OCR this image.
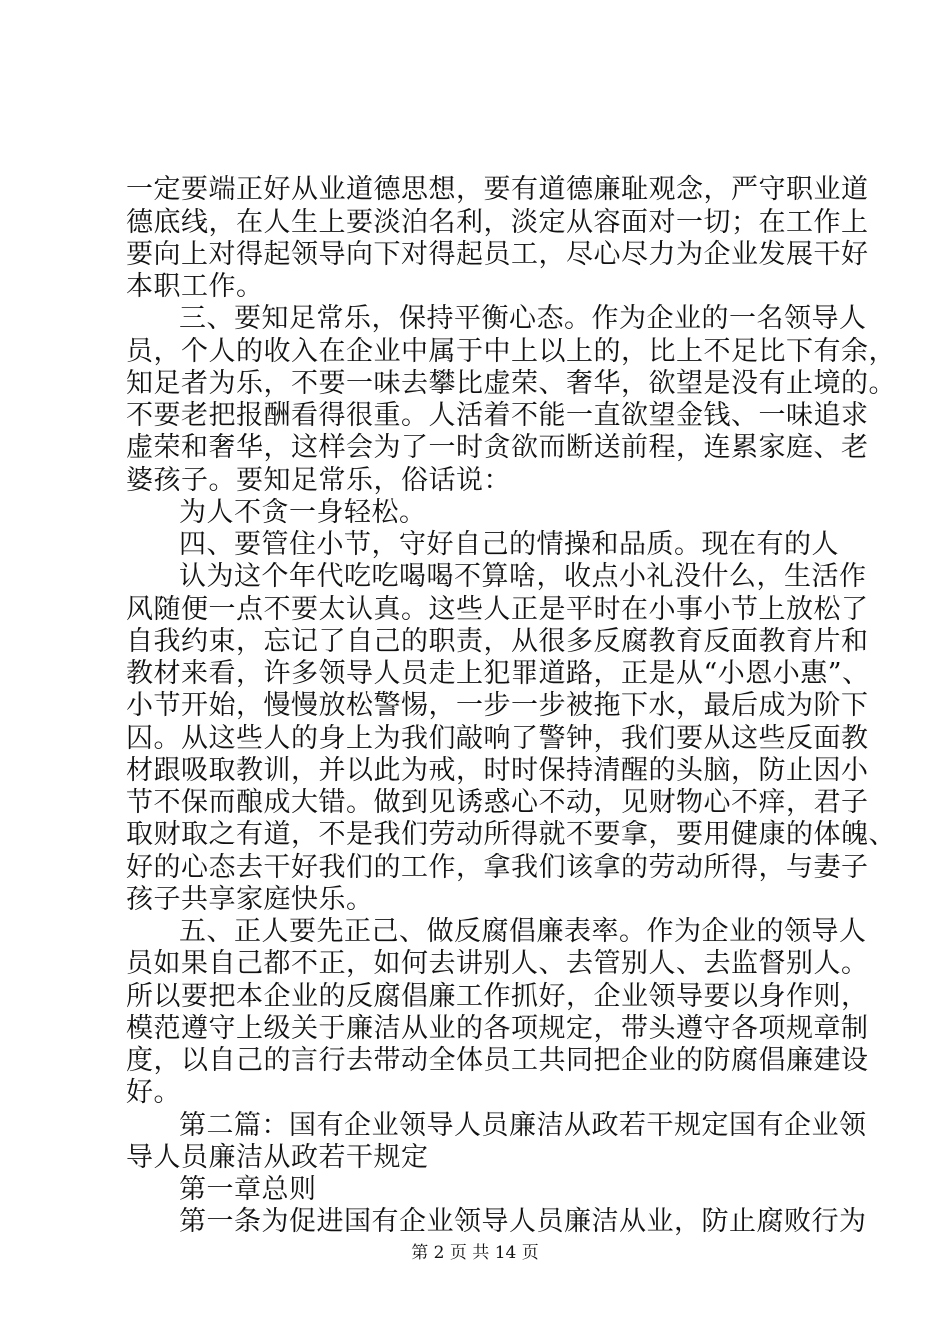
一定要端正好从业道德思想，要有道德廉耻观念，严守职业道
德底线，在人生上要淡泊名利，淡定从容面对一切；在工作上
要向上对得起领导向下对得起员工，尽心尽力为企业发展干好
本职工作。
三、要知足常乐，保持平衡心态。作为企业的一名领导人
员，个人的收入在企业中属于中上以上的，比上不足比下有余，
知足者为乐，不要一味去攀比虚荣、奢华，欲望是没有止境的。
不要老把报酬看得很重。人活着不能一直欲望金钱、一味追求
虚荣和奢华，这样会为了一时贪欲而断送前程，连累家庭、老
婆孩子。要知足常乐，俗话说：
为人不贪一身轻松。
四、要管住小节，守好自己的情操和品质。现在有的人
认为这个年代吃吃喝喝不算啥，收点小礼没什么，生活作
风随便一点不要太认真。这些人正是平时在小事小节上放松了
自我约束，忘记了自己的职责，从很多反腐教育反面教育片和
教材来看，许多领导人员走上犯罪道路，正是从“小恩小惠”、
小节开始，慢慢放松警惕，一步一步被拖下水，最后成为阶下
囚。从这些人的身上为我们敲响了警钟，我们要从这些反面教
材跟吸取教训，并以此为戒，时时保持清醒的头脑，防止因小
节不保而酿成大错。做到见诱惑心不动，见财物心不痒，君子
取财取之有道，不是我们劳动所得就不要拿，要用健康的体魄、
好的心态去干好我们的工作，拿我们该拿的劳动所得，与妻子
孩子共享家庭快乐。
五、正人要先正己、做反腐倡廉表率。作为企业的领导人
员如果自己都不正，如何去讲别人、去管别人、去监督别人。
所以要把本企业的反腐倡廉工作抓好，企业领导要以身作则，
模范遵守上级关于廉洁从业的各项规定，带头遵守各项规章制
度，以自己的言行去带动全体员工共同把企业的防腐倡廉建设
好。
第二篇：国有企业领导人员廉洁从政若干规定国有企业领
导人员廉洁从政若干规定
第一章总则
第一条为促进国有企业领导人员廉洁从业，防止腐败行为
第 2 页 共 14 页
